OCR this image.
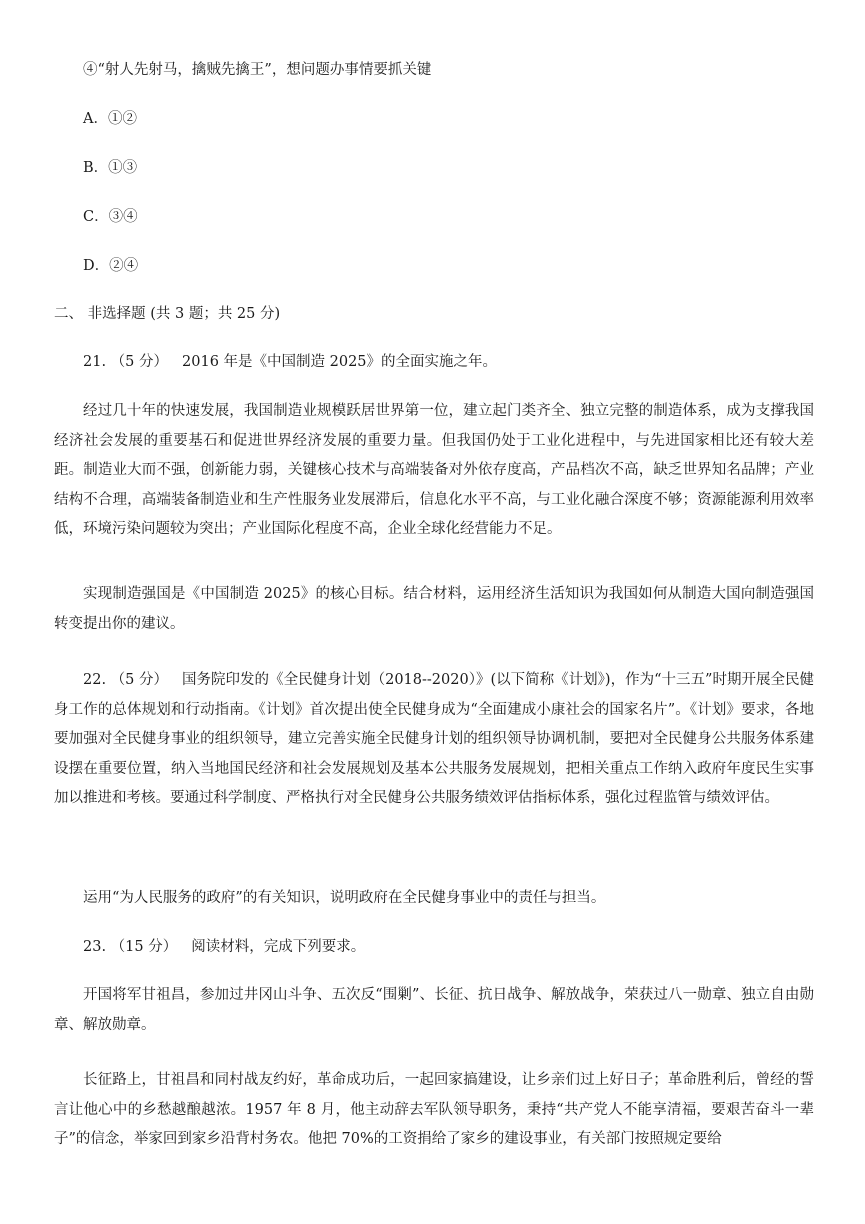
④“射人先射马，擒贼先擒王”，想问题办事情要抓关键
A．①②
B．①③
C．③④
D．②④
二、 非选择题 (共 3 题；共 25 分)
21. （5 分） 2016 年是《中国制造 2025》的全面实施之年。
经过几十年的快速发展，我国制造业规模跃居世界第一位，建立起门类齐全、独立完整的制造体系，成为支撑我国经济社会发展的重要基石和促进世界经济发展的重要力量。但我国仍处于工业化进程中，与先进国家相比还有较大差距。制造业大而不强，创新能力弱，关键核心技术与高端装备对外依存度高，产品档次不高，缺乏世界知名品牌；产业结构不合理，高端装备制造业和生产性服务业发展滞后，信息化水平不高，与工业化融合深度不够；资源能源利用效率低，环境污染问题较为突出；产业国际化程度不高，企业全球化经营能力不足。
实现制造强国是《中国制造 2025》的核心目标。结合材料，运用经济生活知识为我国如何从制造大国向制造强国转变提出你的建议。
22. （5 分） 国务院印发的《全民健身计划（2018--2020）》(以下简称《计划》)，作为“十三五”时期开展全民健身工作的总体规划和行动指南。《计划》首次提出使全民健身成为“全面建成小康社会的国家名片”。《计划》要求，各地要加强对全民健身事业的组织领导，建立完善实施全民健身计划的组织领导协调机制，要把对全民健身公共服务体系建设摆在重要位置，纳入当地国民经济和社会发展规划及基本公共服务发展规划，把相关重点工作纳入政府年度民生实事加以推进和考核。要通过科学制度、严格执行对全民健身公共服务绩效评估指标体系，强化过程监管与绩效评估。
运用“为人民服务的政府”的有关知识，说明政府在全民健身事业中的责任与担当。
23. （15 分） 阅读材料，完成下列要求。
开国将军甘祖昌，参加过井冈山斗争、五次反“围剿”、长征、抗日战争、解放战争，荣获过八一勋章、独立自由勋章、解放勋章。
长征路上，甘祖昌和同村战友约好，革命成功后，一起回家搞建设，让乡亲们过上好日子；革命胜利后，曾经的誓言让他心中的乡愁越酿越浓。1957 年 8 月，他主动辞去军队领导职务，秉持“共产党人不能享清福，要艰苦奋斗一辈子”的信念，举家回到家乡沿背村务农。他把 70%的工资捐给了家乡的建设事业，有关部门按照规定要给
